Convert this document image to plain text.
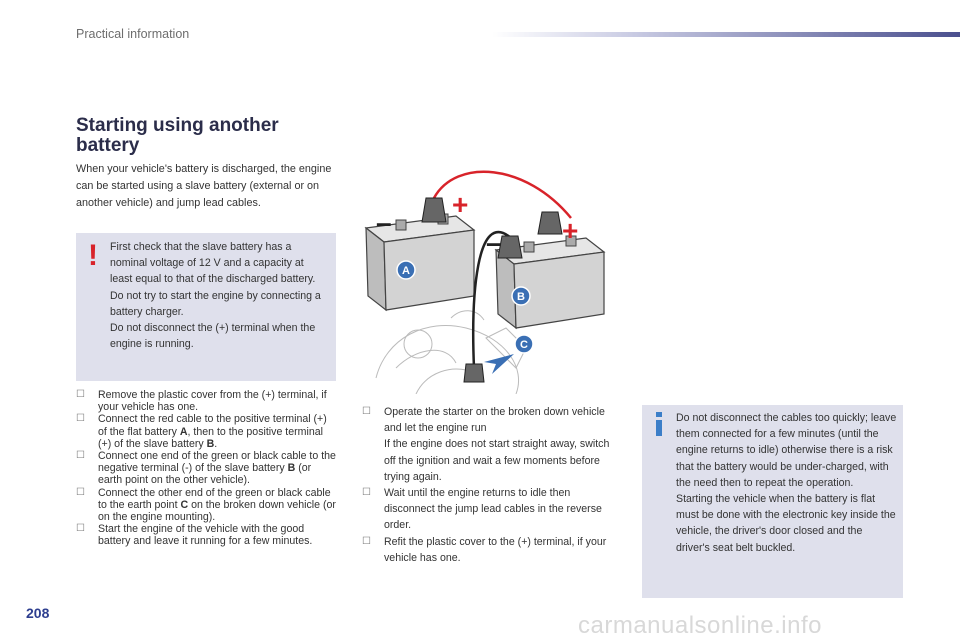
Practical information
Starting using another
battery
When your vehicle's battery is discharged, the engine can be started using a slave battery (external or on another vehicle) and jump lead cables.
! First check that the slave battery has a nominal voltage of 12 V and a capacity at least equal to that of the discharged battery.

Do not try to start the engine by connecting a battery charger.

Do not disconnect the (+) terminal when the engine is running.

☐ Remove the plastic cover from the (+) terminal, if your vehicle has one.
☐ Connect the red cable to the positive terminal (+) of the flat battery A, then to the positive terminal (+) of the slave battery B.
☐ Connect one end of the green or black cable to the negative terminal (-) of the slave battery B (or earth point on the other vehicle).
☐ Connect the other end of the green or black cable to the earth point C on the broken down vehicle (or on the engine mounting).
☐ Start the engine of the vehicle with the good battery and leave it running for a few minutes.
+
+
–
–
A
B
C
☐ Operate the starter on the broken down vehicle and let the engine run
If the engine does not start straight away, switch off the ignition and wait a few moments before trying again.
☐ Wait until the engine returns to idle then disconnect the jump lead cables in the reverse order.
☐ Refit the plastic cover to the (+) terminal, if your vehicle has one.

Do not disconnect the cables too quickly; leave them connected for a few minutes (until the engine returns to idle) otherwise there is a risk that the battery would be under-charged, with the need then to repeat the operation.

Starting the vehicle when the battery is flat must be done with the electronic key inside the vehicle, the driver's door closed and the driver's seat belt buckled.

208	carmanualsonline.info
